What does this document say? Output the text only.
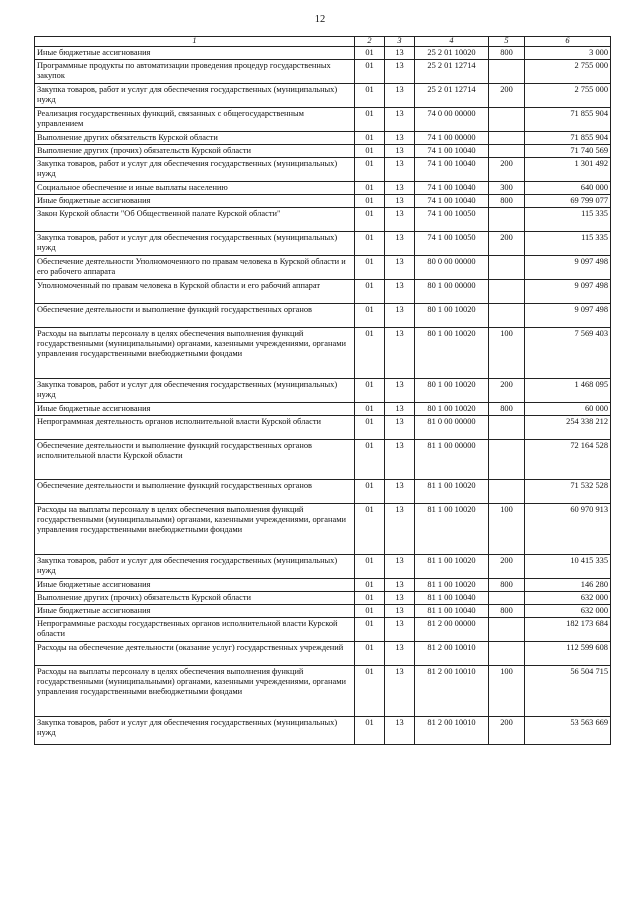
12
1	2	3	4	5	6
Иные бюджетные ассигнования	01	13	25 2 01 10020	800	3 000
Программные продукты по автоматизации проведения процедур государственных закупок	01	13	25 2 01 12714		2 755 000
Закупка товаров, работ и услуг для обеспечения государственных (муниципальных) нужд	01	13	25 2 01 12714	200	2 755 000
Реализация государственных функций, связанных с общегосударственным управлением	01	13	74 0 00 00000		71 855 904
Выполнение других обязательств Курской области	01	13	74 1 00 00000		71 855 904
Выполнение других (прочих) обязательств Курской области	01	13	74 1 00 10040		71 740 569
Закупка товаров, работ и услуг для обеспечения государственных (муниципальных) нужд	01	13	74 1 00 10040	200	1 301 492
Социальное обеспечение и иные выплаты населению	01	13	74 1 00 10040	300	640 000
Иные бюджетные ассигнования	01	13	74 1 00 10040	800	69 799 077
Закон Курской области "Об Общественной палате Курской области"	01	13	74 1 00 10050		115 335
Закупка товаров, работ и услуг для обеспечения государственных (муниципальных) нужд	01	13	74 1 00 10050	200	115 335
Обеспечение деятельности Уполномоченного по правам человека в Курской области и его рабочего аппарата	01	13	80 0 00 00000		9 097 498
Уполномоченный по правам человека в Курской области и его рабочий аппарат	01	13	80 1 00 00000		9 097 498
Обеспечение деятельности и выполнение функций государственных органов	01	13	80 1 00 10020		9 097 498
Расходы на выплаты персоналу в целях обеспечения выполнения функций государственными (муниципальными) органами, казенными учреждениями, органами управления государственными внебюджетными фондами	01	13	80 1 00 10020	100	7 569 403
Закупка товаров, работ и услуг для обеспечения государственных (муниципальных) нужд	01	13	80 1 00 10020	200	1 468 095
Иные бюджетные ассигнования	01	13	80 1 00 10020	800	60 000
Непрограммная деятельность органов исполнительной власти Курской области	01	13	81 0 00 00000		254 338 212
Обеспечение деятельности и выполнение функций государственных органов исполнительной власти Курской области	01	13	81 1 00 00000		72 164 528
Обеспечение деятельности и выполнение функций государственных органов	01	13	81 1 00 10020		71 532 528
Расходы на выплаты персоналу в целях обеспечения выполнения функций государственными (муниципальными) органами, казенными учреждениями, органами управления государственными внебюджетными фондами	01	13	81 1 00 10020	100	60 970 913
Закупка товаров, работ и услуг для обеспечения государственных (муниципальных) нужд	01	13	81 1 00 10020	200	10 415 335
Иные бюджетные ассигнования	01	13	81 1 00 10020	800	146 280
Выполнение других (прочих) обязательств Курской области	01	13	81 1 00 10040		632 000
Иные бюджетные ассигнования	01	13	81 1 00 10040	800	632 000
Непрограммные расходы государственных органов исполнительной власти Курской области	01	13	81 2 00 00000		182 173 684
Расходы на обеспечение деятельности (оказание услуг) государственных учреждений	01	13	81 2 00 10010		112 599 608
Расходы на выплаты персоналу в целях обеспечения выполнения функций государственными (муниципальными) органами, казенными учреждениями, органами управления государственными внебюджетными фондами	01	13	81 2 00 10010	100	56 504 715
Закупка товаров, работ и услуг для обеспечения государственных (муниципальных) нужд	01	13	81 2 00 10010	200	53 563 669
